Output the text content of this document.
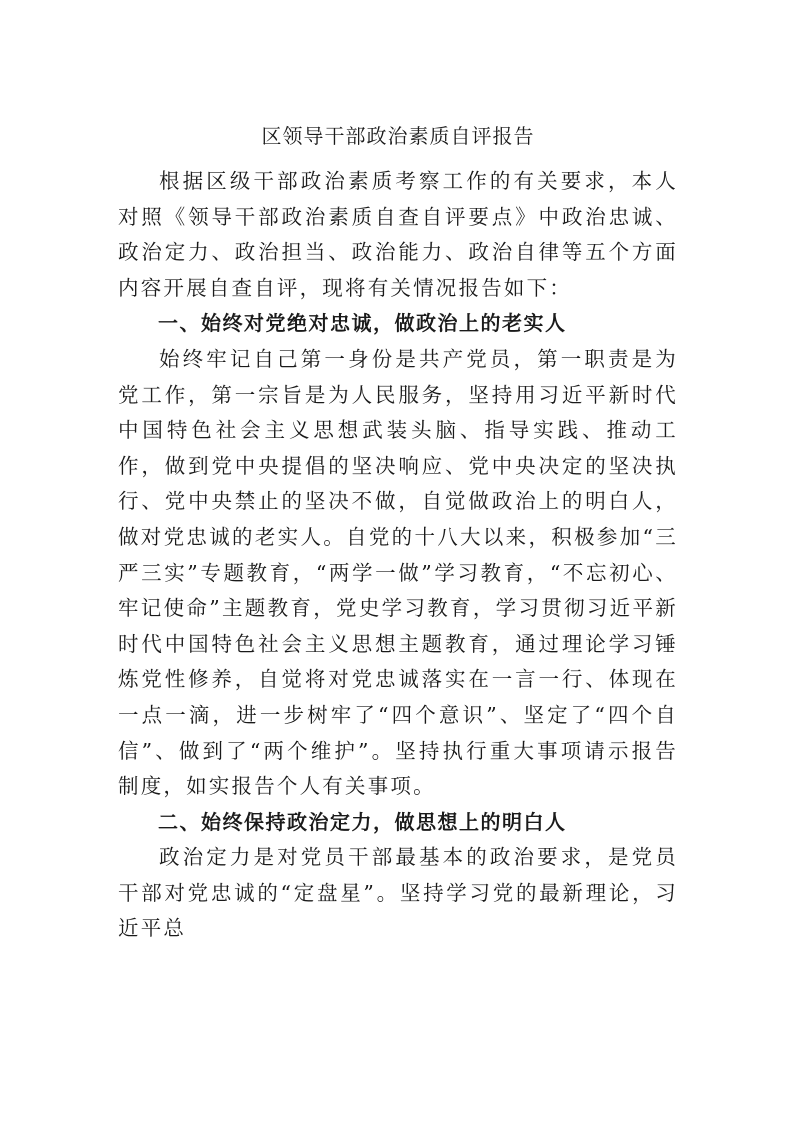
区领导干部政治素质自评报告

根据区级干部政治素质考察工作的有关要求，本人对照《领导干部政治素质自查自评要点》中政治忠诚、政治定力、政治担当、政治能力、政治自律等五个方面内容开展自查自评，现将有关情况报告如下：

一、始终对党绝对忠诚，做政治上的老实人

始终牢记自己第一身份是共产党员，第一职责是为党工作，第一宗旨是为人民服务，坚持用习近平新时代中国特色社会主义思想武装头脑、指导实践、推动工作，做到党中央提倡的坚决响应、党中央决定的坚决执行、党中央禁止的坚决不做，自觉做政治上的明白人，做对党忠诚的老实人。自党的十八大以来，积极参加“三严三实”专题教育，“两学一做”学习教育，“不忘初心、牢记使命”主题教育，党史学习教育，学习贯彻习近平新时代中国特色社会主义思想主题教育，通过理论学习锤炼党性修养，自觉将对党忠诚落实在一言一行、体现在一点一滴，进一步树牢了“四个意识”、坚定了“四个自信”、做到了“两个维护”。坚持执行重大事项请示报告制度，如实报告个人有关事项。

二、始终保持政治定力，做思想上的明白人

政治定力是对党员干部最基本的政治要求，是党员干部对党忠诚的“定盘星”。坚持学习党的最新理论，习近平总
